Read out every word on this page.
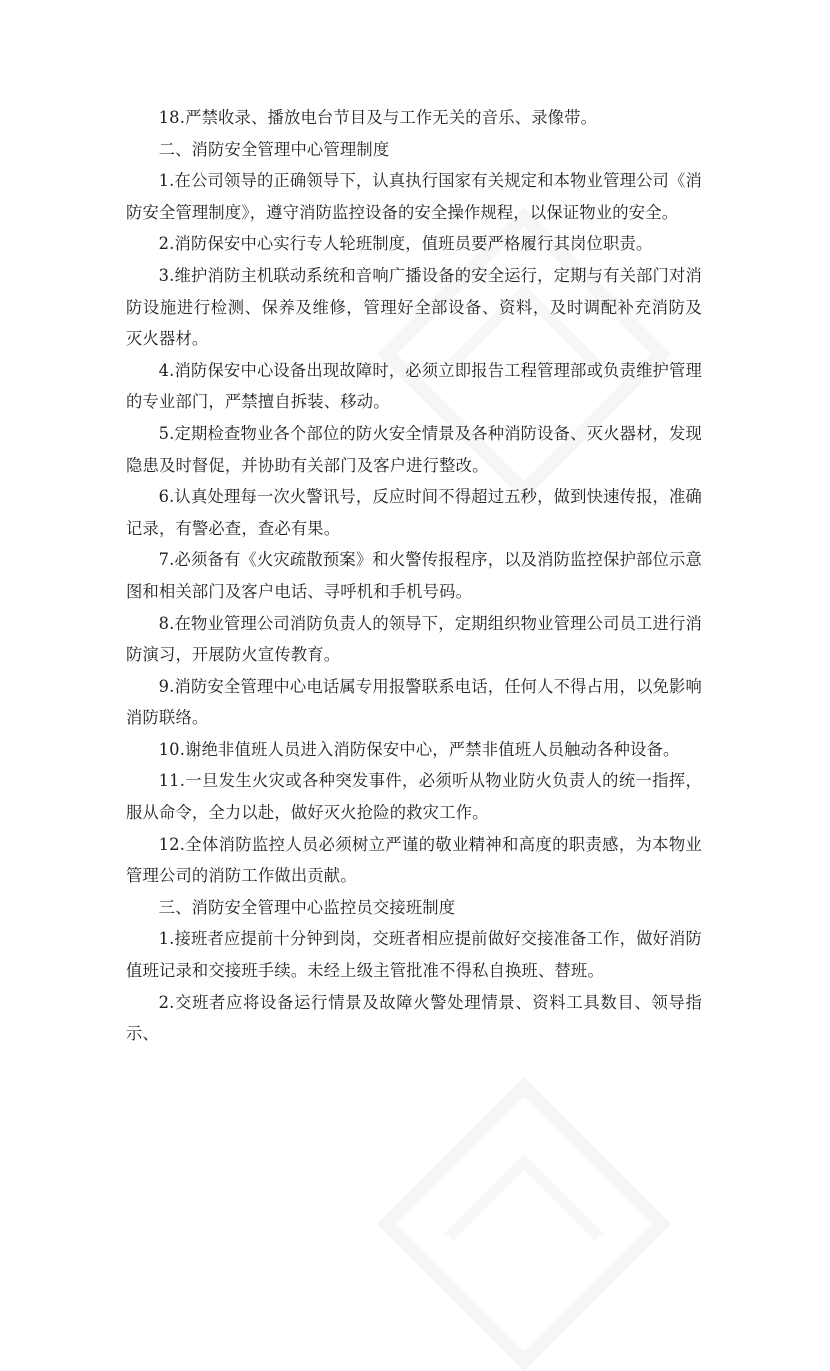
18.严禁收录、播放电台节目及与工作无关的音乐、录像带。

二、消防安全管理中心管理制度

1.在公司领导的正确领导下，认真执行国家有关规定和本物业管理公司《消防安全管理制度》，遵守消防监控设备的安全操作规程，以保证物业的安全。

2.消防保安中心实行专人轮班制度，值班员要严格履行其岗位职责。

3.维护消防主机联动系统和音响广播设备的安全运行，定期与有关部门对消防设施进行检测、保养及维修，管理好全部设备、资料，及时调配补充消防及灭火器材。

4.消防保安中心设备出现故障时，必须立即报告工程管理部或负责维护管理的专业部门，严禁擅自拆装、移动。

5.定期检查物业各个部位的防火安全情景及各种消防设备、灭火器材，发现隐患及时督促，并协助有关部门及客户进行整改。

6.认真处理每一次火警讯号，反应时间不得超过五秒，做到快速传报，准确记录，有警必查，查必有果。

7.必须备有《火灾疏散预案》和火警传报程序，以及消防监控保护部位示意图和相关部门及客户电话、寻呼机和手机号码。

8.在物业管理公司消防负责人的领导下，定期组织物业管理公司员工进行消防演习，开展防火宣传教育。

9.消防安全管理中心电话属专用报警联系电话，任何人不得占用，以免影响消防联络。

10.谢绝非值班人员进入消防保安中心，严禁非值班人员触动各种设备。

11.一旦发生火灾或各种突发事件，必须听从物业防火负责人的统一指挥，服从命令，全力以赴，做好灭火抢险的救灾工作。

12.全体消防监控人员必须树立严谨的敬业精神和高度的职责感，为本物业管理公司的消防工作做出贡献。

三、消防安全管理中心监控员交接班制度

1.接班者应提前十分钟到岗，交班者相应提前做好交接准备工作，做好消防值班记录和交接班手续。未经上级主管批准不得私自换班、替班。

2.交班者应将设备运行情景及故障火警处理情景、资料工具数目、领导指示、
